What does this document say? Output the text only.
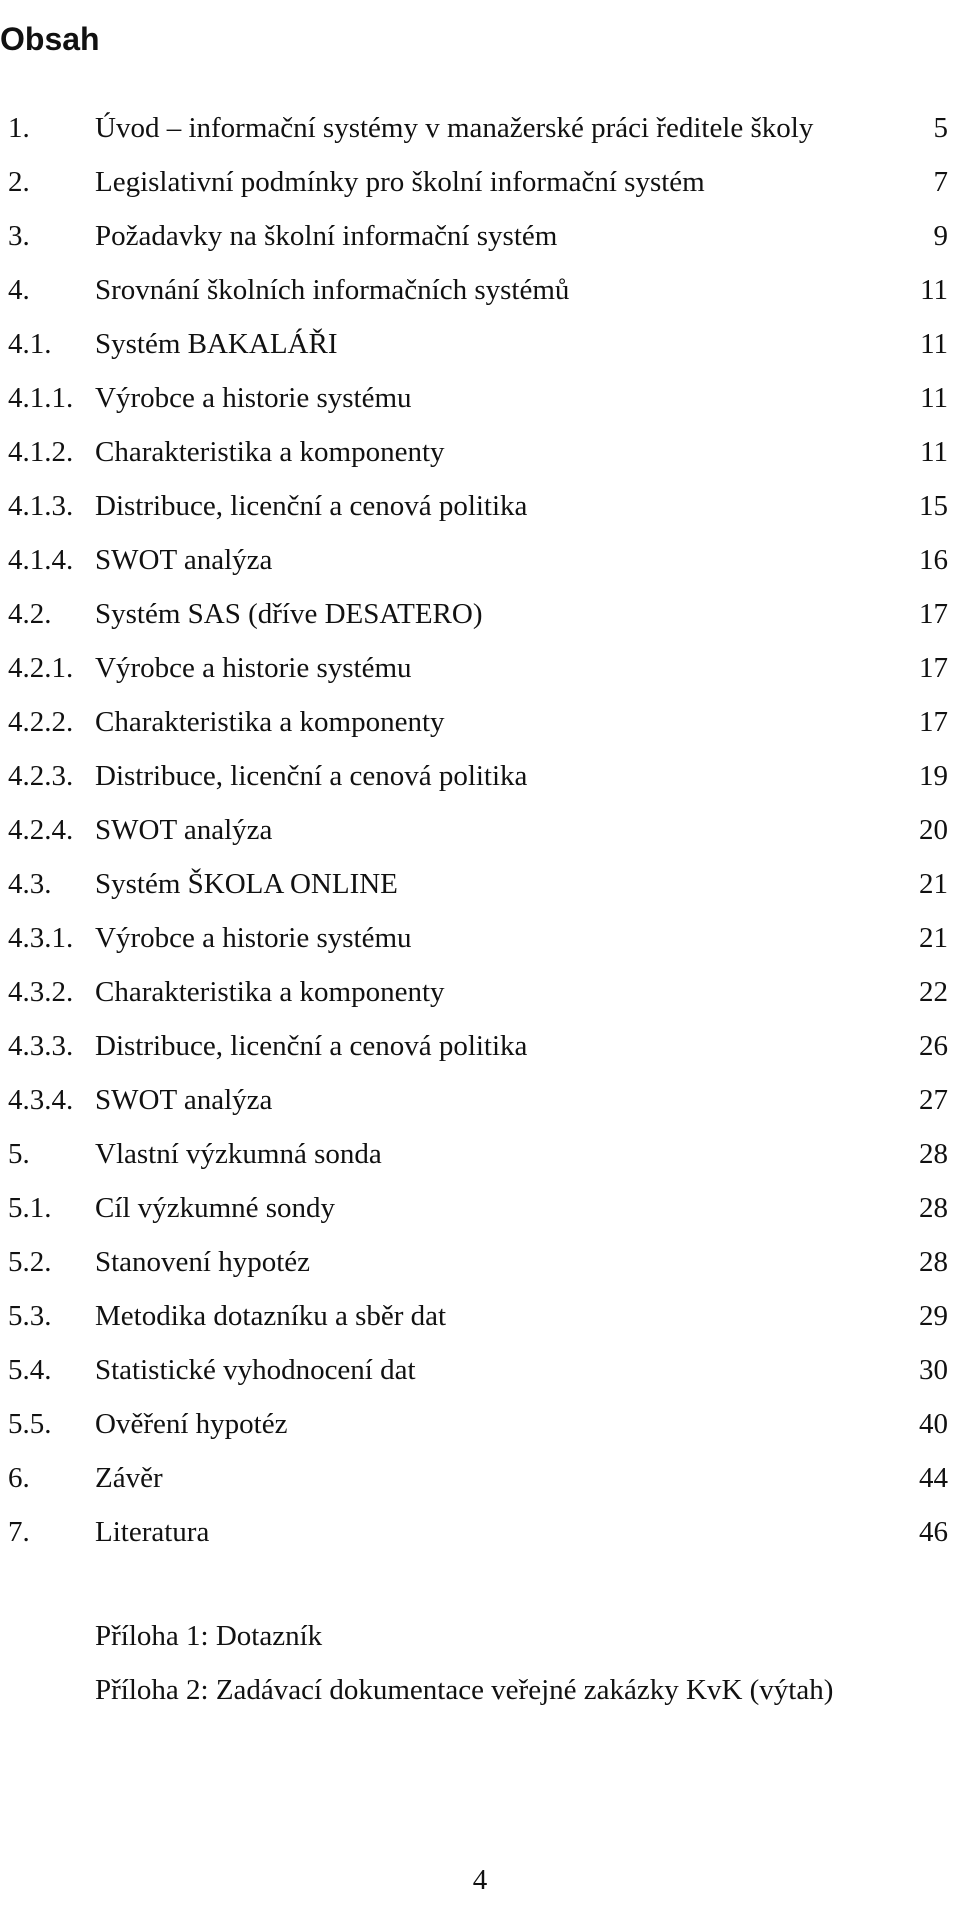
Obsah
1. Úvod – informační systémy v manažerské práci ředitele školy	5
2. Legislativní podmínky pro školní informační systém	7
3. Požadavky na školní informační systém	9
4. Srovnání školních informačních systémů	11
4.1. Systém BAKALÁŘI	11
4.1.1. Výrobce a historie systému	11
4.1.2. Charakteristika a komponenty	11
4.1.3. Distribuce, licenční a cenová politika	15
4.1.4. SWOT analýza	16
4.2. Systém SAS (dříve DESATERO)	17
4.2.1. Výrobce a historie systému	17
4.2.2. Charakteristika a komponenty	17
4.2.3. Distribuce, licenční a cenová politika	19
4.2.4. SWOT analýza	20
4.3. Systém ŠKOLA ONLINE	21
4.3.1. Výrobce a historie systému	21
4.3.2. Charakteristika a komponenty	22
4.3.3. Distribuce, licenční a cenová politika	26
4.3.4. SWOT analýza	27
5. Vlastní výzkumná sonda	28
5.1. Cíl výzkumné sondy	28
5.2. Stanovení hypotéz	28
5.3. Metodika dotazníku a sběr dat	29
5.4. Statistické vyhodnocení dat	30
5.5. Ověření hypotéz	40
6. Závěr	44
7. Literatura	46
Příloha 1: Dotazník
Příloha 2: Zadávací dokumentace veřejné zakázky KvK (výtah)
4
